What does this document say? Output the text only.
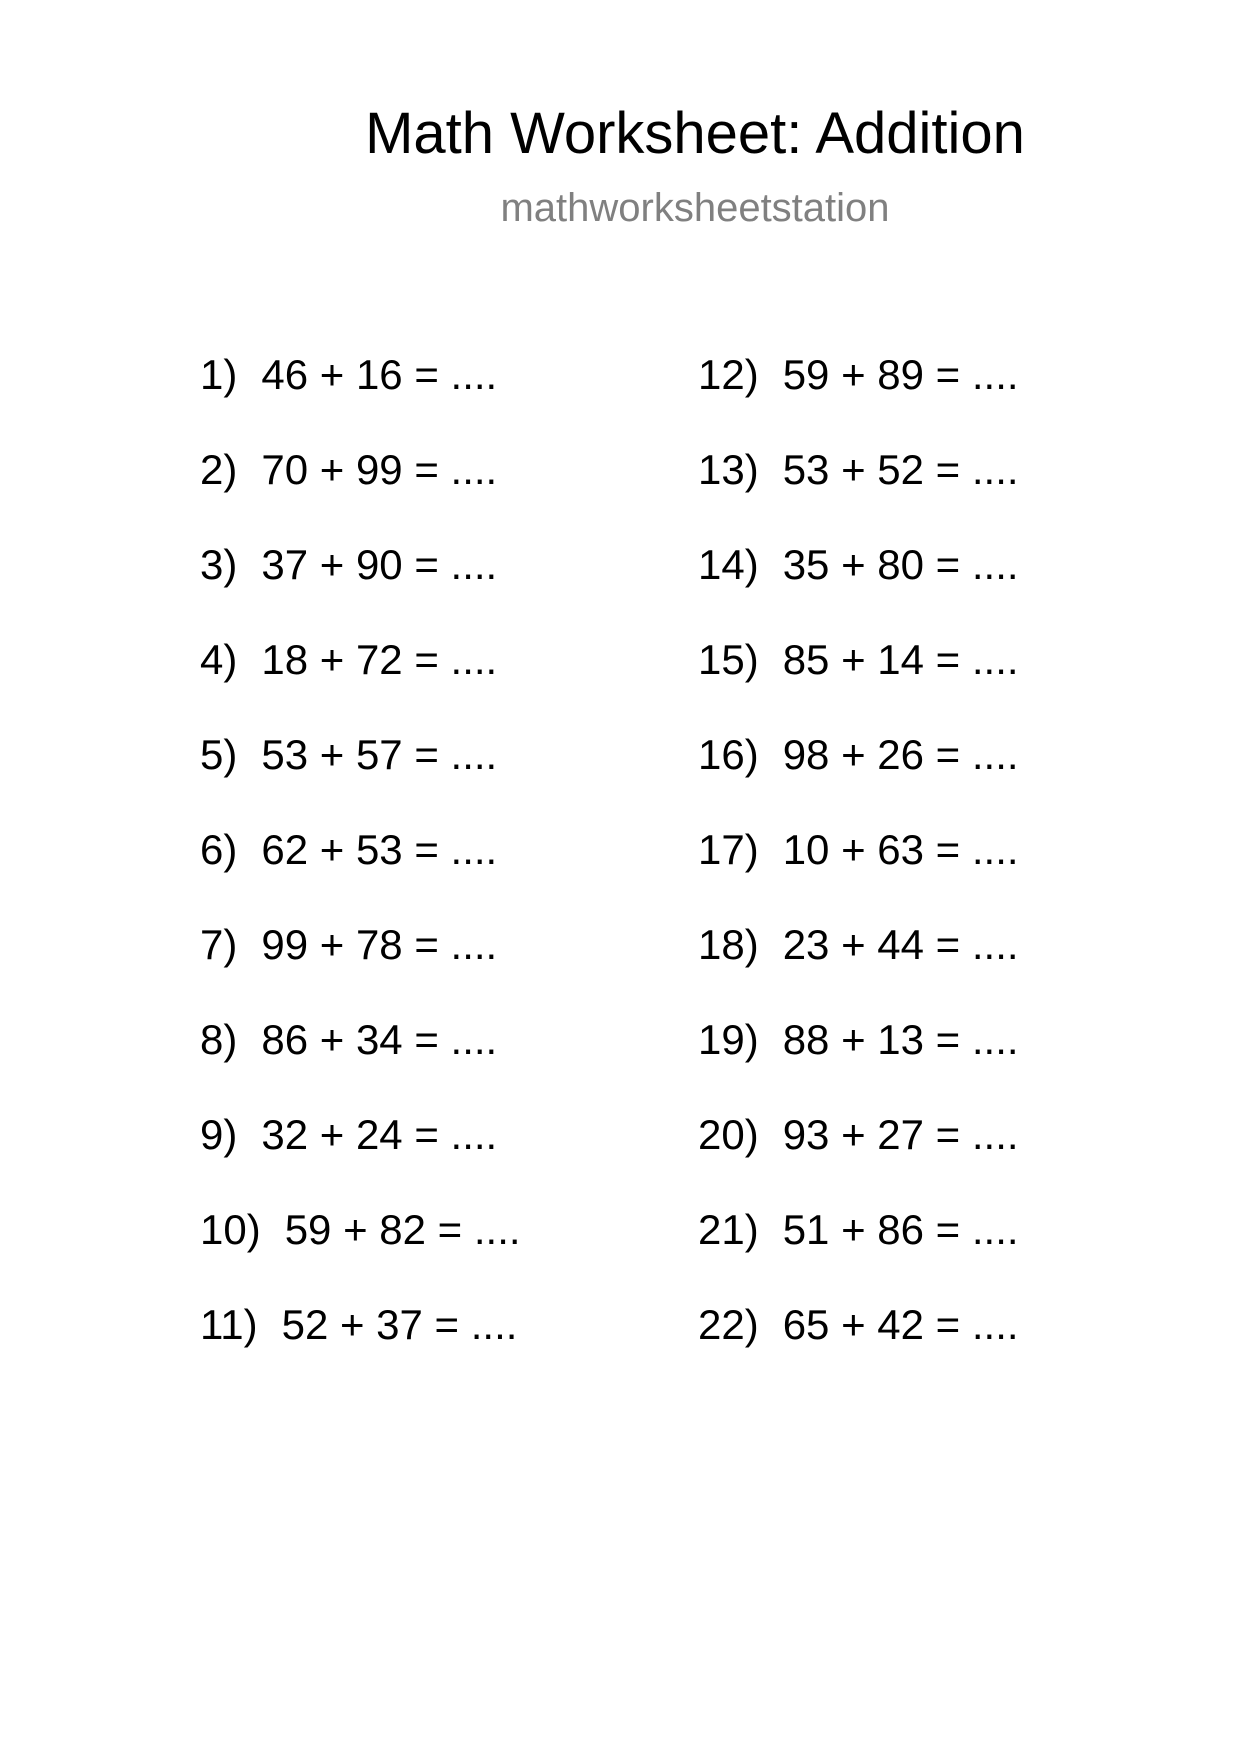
Math Worksheet: Addition
mathworksheetstation
1) 46 + 16 = ....
2) 70 + 99 = ....
3) 37 + 90 = ....
4) 18 + 72 = ....
5) 53 + 57 = ....
6) 62 + 53 = ....
7) 99 + 78 = ....
8) 86 + 34 = ....
9) 32 + 24 = ....
10) 59 + 82 = ....
11) 52 + 37 = ....
12) 59 + 89 = ....
13) 53 + 52 = ....
14) 35 + 80 = ....
15) 85 + 14 = ....
16) 98 + 26 = ....
17) 10 + 63 = ....
18) 23 + 44 = ....
19) 88 + 13 = ....
20) 93 + 27 = ....
21) 51 + 86 = ....
22) 65 + 42 = ....
